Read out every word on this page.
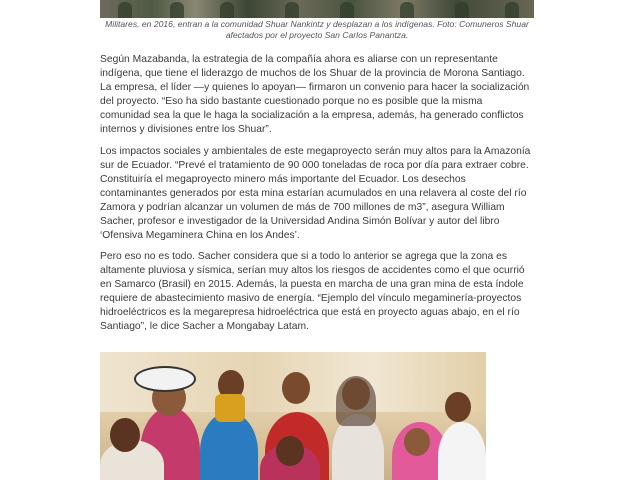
Militares, en 2016, entran a la comunidad Shuar Nankintz y desplazan a los indígenas. Foto: Comuneros Shuar afectados por el proyecto San Carlos Panantza.

Según Mazabanda, la estrategia de la compañía ahora es aliarse con un representante indígena, que tiene el liderazgo de muchos de los Shuar de la provincia de Morona Santiago. La empresa, el líder —y quienes lo apoyan— firmaron un convenio para hacer la socialización del proyecto. “Eso ha sido bastante cuestionado porque no es posible que la misma comunidad sea la que le haga la socialización a la empresa, además, ha generado conflictos internos y divisiones entre los Shuar”.

Los impactos sociales y ambientales de este megaproyecto serán muy altos para la Amazonía sur de Ecuador. “Prevé el tratamiento de 90 000 toneladas de roca por día para extraer cobre. Constituiría el megaproyecto minero más importante del Ecuador. Los desechos contaminantes generados por esta mina estarían acumulados en una relavera al coste del río Zamora y podrían alcanzar un volumen de más de 700 millones de m3”, asegura William Sacher, profesor e investigador de la Universidad Andina Simón Bolívar y autor del libro ‘Ofensiva Megaminera China en los Andes’.

Pero eso no es todo. Sacher considera que si a todo lo anterior se agrega que la zona es altamente pluviosa y sísmica, serían muy altos los riesgos de accidentes como el que ocurrió en Samarco (Brasil) en 2015. Además, la puesta en marcha de una gran mina de esta índole requiere de abastecimiento masivo de energía. “Ejemplo del vínculo megaminería-proyectos hidroeléctricos es la megarepresa hidroeléctrica que está en proyecto aguas abajo, en el río Santiago”, le dice Sacher a Mongabay Latam.
